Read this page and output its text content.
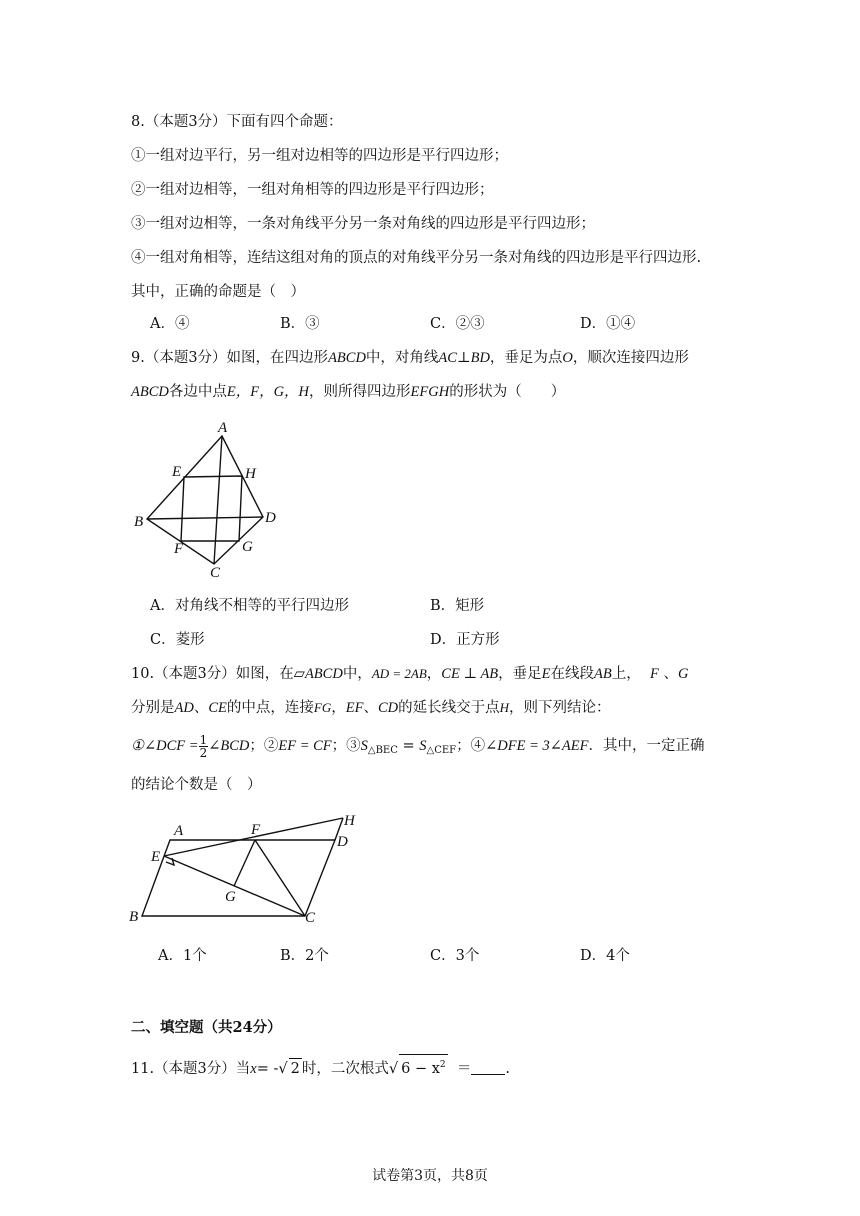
8.（本题3分）下面有四个命题：
①一组对边平行，另一组对边相等的四边形是平行四边形；
②一组对边相等，一组对角相等的四边形是平行四边形；
③一组对边相等，一条对角线平分另一条对角线的四边形是平行四边形；
④一组对角相等，连结这组对角的顶点的对角线平分另一条对角线的四边形是平行四边形.
其中，正确的命题是（　）
A．④	B．③	C．②③	D．①④
9.（本题3分）如图，在四边形ABCD中，对角线AC⊥BD，垂足为点O，顺次连接四边形
ABCD各边中点E，F，G，H，则所得四边形EFGH的形状为（　　）
A
B
C
D
E
F	G
H
A
B	C
D
E
F
G
H
A．对角线不相等的平行四边形	B．矩形
C．菱形	D．正方形
10.（本题3分）如图，在▱ABCD中，AD = 2AB，CE ⊥ AB，垂足E在线段AB上， F 、G
分别是AD、CE的中点，连接FG，EF、CD的延长线交于点H，则下列结论：
①∠DCF = $\frac{1}{2}$ ∠BCD；②EF = CF；$③S_{\triangle BEC} = S_{\triangle CEF}$；④∠DFE = 3∠AEF．其中，一定正确
的结论个数是（　）
A．1个	B．2个	C．3个	D．4个
二、填空题（共24分）
11.（本题3分）当x= -√ 2 时，二次根式√ $6 - x^2$ ＝ .
试卷第3页，共8页
